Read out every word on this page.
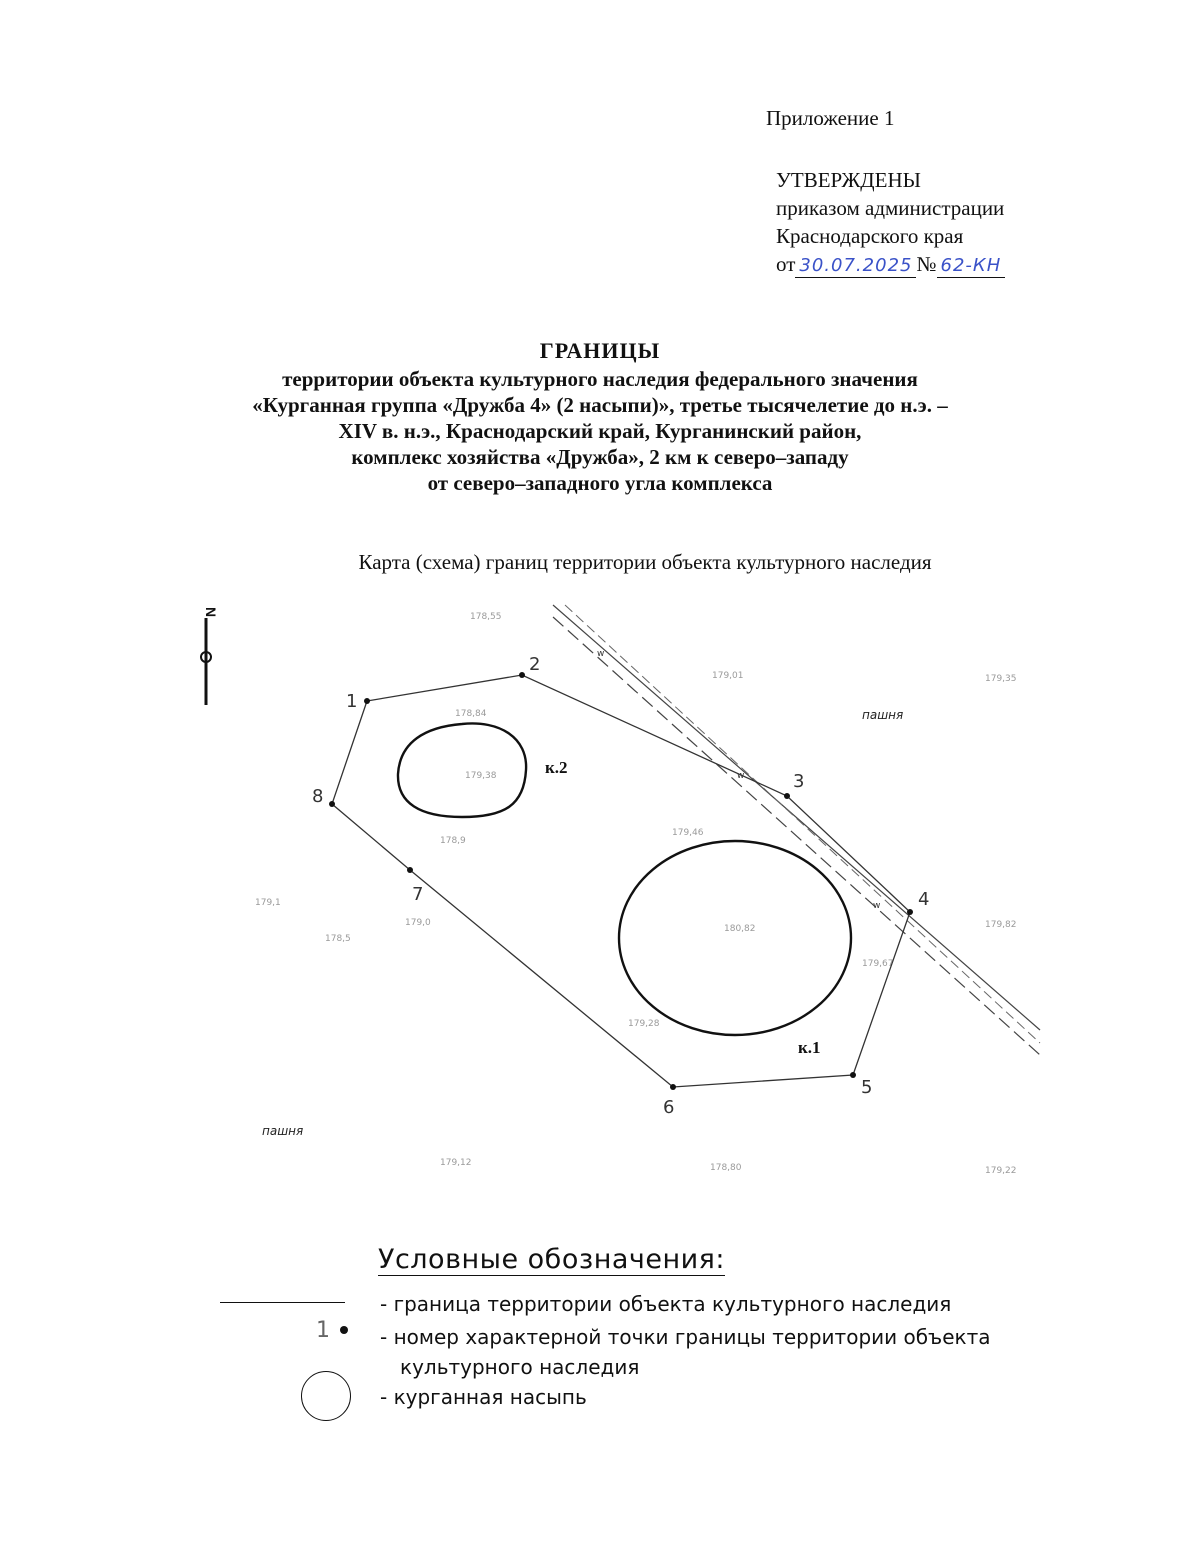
Приложение 1
УТВЕРЖДЕНЫ
приказом администрации
Краснодарского края
от 30.07.2025 № 62-КН
ГРАНИЦЫ
территории объекта культурного наследия федерального значения
«Курганная группа «Дружба 4» (2 насыпи)», третье тысячелетие до н.э. –
XIV в. н.э., Краснодарский край, Курганинский район,
комплекс хозяйства «Дружба», 2 км к северо–западу
от северо–западного угла комплекса
Карта (схема) границ территории объекта культурного наследия
N
w
w
w
1
2
3
4
5
6
7
8
к.2
к.1
пашня
пашня
178,55
179,01	179,35
178,84
179,38
178,9
179,46
180,82	179,82
179,67
179,28
179,1
178,5
179,12	178,80	179,22
179,0
Условные обозначения:
- граница территории объекта культурного наследия
1	- номер характерной точки границы территории объекта
культурного наследия
- курганная насыпь
